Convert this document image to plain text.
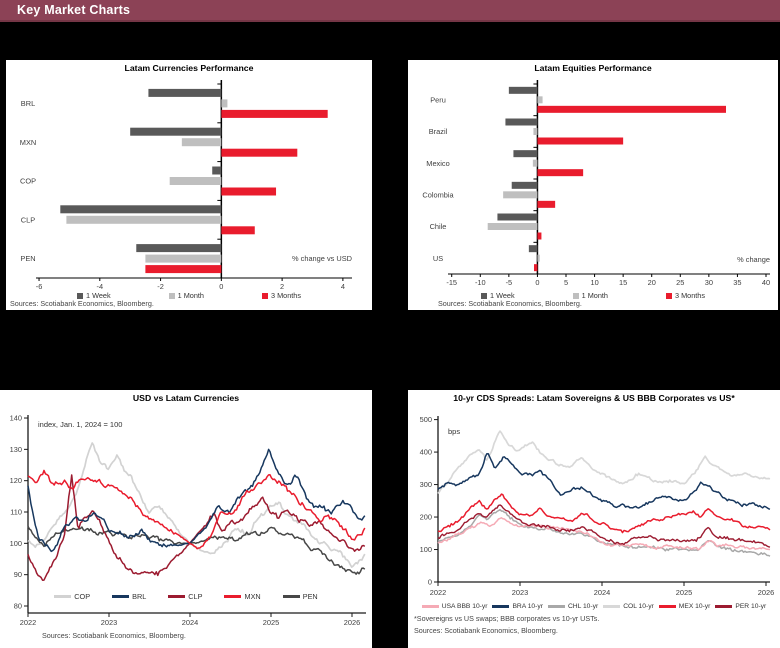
Key Market Charts
Latam Currencies Performance
-6	-4	-2	0	2	4
BRL
MXN
COP
CLP
PEN	% change vs USD
1 Week	1 Month	3 Months
Sources: Scotiabank Economics, Bloomberg.
Latam Equities Performance
-15 -10	-5	0	5	10	15	20	25	30	35	40
Peru
Brazil
Mexico
Colombia
Chile
US	% change
1 Week	1 Month	3 Months
Sources: Scotiabank Economics, Bloomberg.
USD vs Latam Currencies
80
90
100
110
120
130
140
2022	2023	2024	2025	2026
index, Jan. 1, 2024 = 100
COP	BRL	CLP	MXN	PEN
Sources: Scotiabank Economics, Bloomberg.
10-yr CDS Spreads: Latam Sovereigns & US BBB Corporates vs US*
0
100
200
300
400
500
2022	2023	2024	2025	2026
bps
USA BBB 10-yr	BRA 10-yr	CHL 10-yr	COL 10-yr	MEX 10-yr	PER 10-yr
*Sovereigns vs US swaps; BBB corporates vs 10-yr USTs.
Sources: Scotiabank Economics, Bloomberg.
